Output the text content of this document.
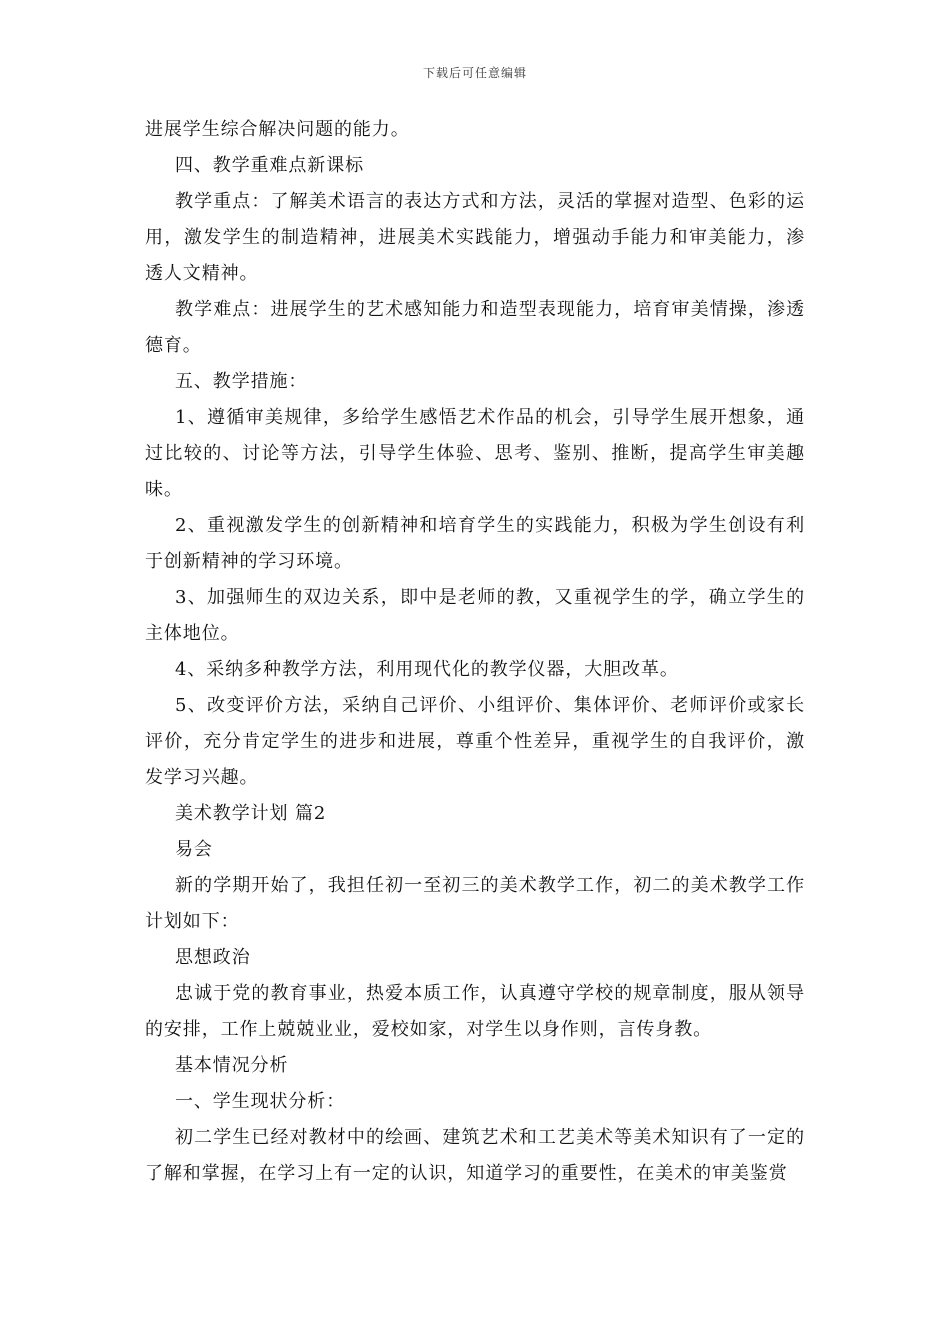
下载后可任意编辑

进展学生综合解决问题的能力。

四、教学重难点新课标

教学重点：了解美术语言的表达方式和方法，灵活的掌握对造型、色彩的运用，激发学生的制造精神，进展美术实践能力，增强动手能力和审美能力，渗透人文精神。

教学难点：进展学生的艺术感知能力和造型表现能力，培育审美情操，渗透德育。

五、教学措施：

1、遵循审美规律，多给学生感悟艺术作品的机会，引导学生展开想象，通过比较的、讨论等方法，引导学生体验、思考、鉴别、推断，提高学生审美趣味。

2、重视激发学生的创新精神和培育学生的实践能力，积极为学生创设有利于创新精神的学习环境。

3、加强师生的双边关系，即中是老师的教，又重视学生的学，确立学生的主体地位。

4、采纳多种教学方法，利用现代化的教学仪器，大胆改革。

5、改变评价方法，采纳自己评价、小组评价、集体评价、老师评价或家长评价，充分肯定学生的进步和进展，尊重个性差异，重视学生的自我评价，激发学习兴趣。

美术教学计划 篇2

易会

新的学期开始了，我担任初一至初三的美术教学工作，初二的美术教学工作计划如下：

思想政治

忠诚于党的教育事业，热爱本质工作，认真遵守学校的规章制度，服从领导的安排，工作上兢兢业业，爱校如家，对学生以身作则，言传身教。

基本情况分析

一、学生现状分析：

初二学生已经对教材中的绘画、建筑艺术和工艺美术等美术知识有了一定的了解和掌握，在学习上有一定的认识，知道学习的重要性，在美术的审美鉴赏
